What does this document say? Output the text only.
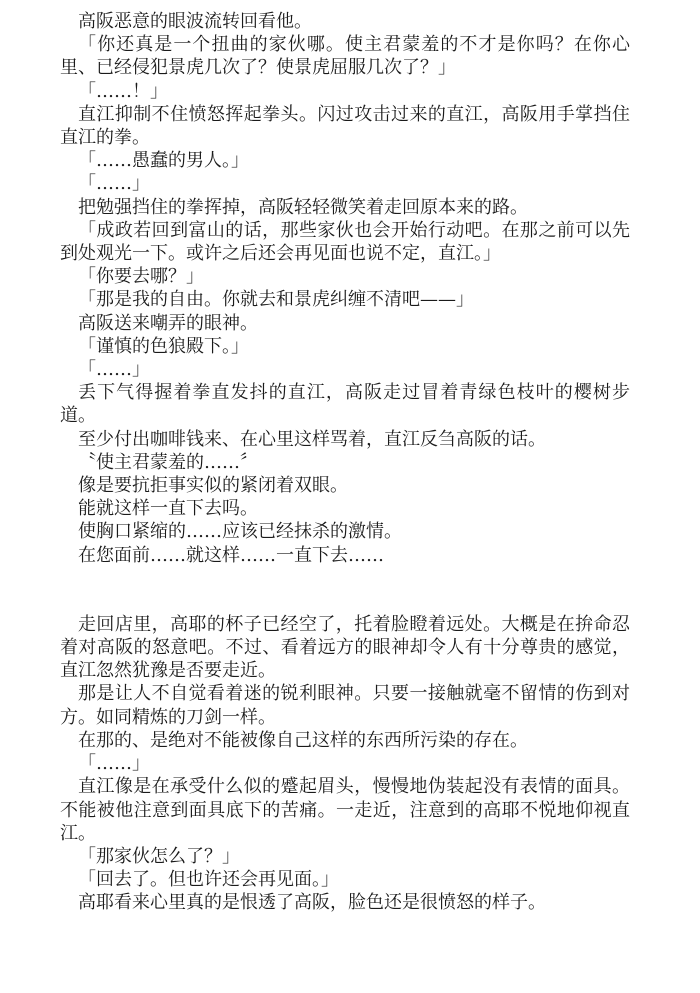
高阪恶意的眼波流转回看他。

「你还真是一个扭曲的家伙哪。使主君蒙羞的不才是你吗？在你心里、已经侵犯景虎几次了？使景虎屈服几次了？」

「……！」

直江抑制不住愤怒挥起拳头。闪过攻击过来的直江，高阪用手掌挡住直江的拳。

「……愚蠢的男人。」

「……」

把勉强挡住的拳挥掉，高阪轻轻微笑着走回原本来的路。

「成政若回到富山的话，那些家伙也会开始行动吧。在那之前可以先到处观光一下。或许之后还会再见面也说不定，直江。」

「你要去哪？」

「那是我的自由。你就去和景虎纠缠不清吧——」

高阪送来嘲弄的眼神。

「谨慎的色狼殿下。」

「……」

丢下气得握着拳直发抖的直江，高阪走过冒着青绿色枝叶的樱树步道。

至少付出咖啡钱来、在心里这样骂着，直江反刍高阪的话。

〝使主君蒙羞的……〞

像是要抗拒事实似的紧闭着双眼。

能就这样一直下去吗。

使胸口紧缩的……应该已经抹杀的激情。

在您面前……就这样……一直下去……

走回店里，高耶的杯子已经空了，托着脸瞪着远处。大概是在拚命忍着对高阪的怒意吧。不过、看着远方的眼神却令人有十分尊贵的感觉，直江忽然犹豫是否要走近。

那是让人不自觉看着迷的锐利眼神。只要一接触就毫不留情的伤到对方。如同精炼的刀剑一样。

在那的、是绝对不能被像自己这样的东西所污染的存在。

「……」

直江像是在承受什么似的蹙起眉头，慢慢地伪装起没有表情的面具。不能被他注意到面具底下的苦痛。一走近，注意到的高耶不悦地仰视直江。

「那家伙怎么了？」

「回去了。但也许还会再见面。」

高耶看来心里真的是恨透了高阪，脸色还是很愤怒的样子。
